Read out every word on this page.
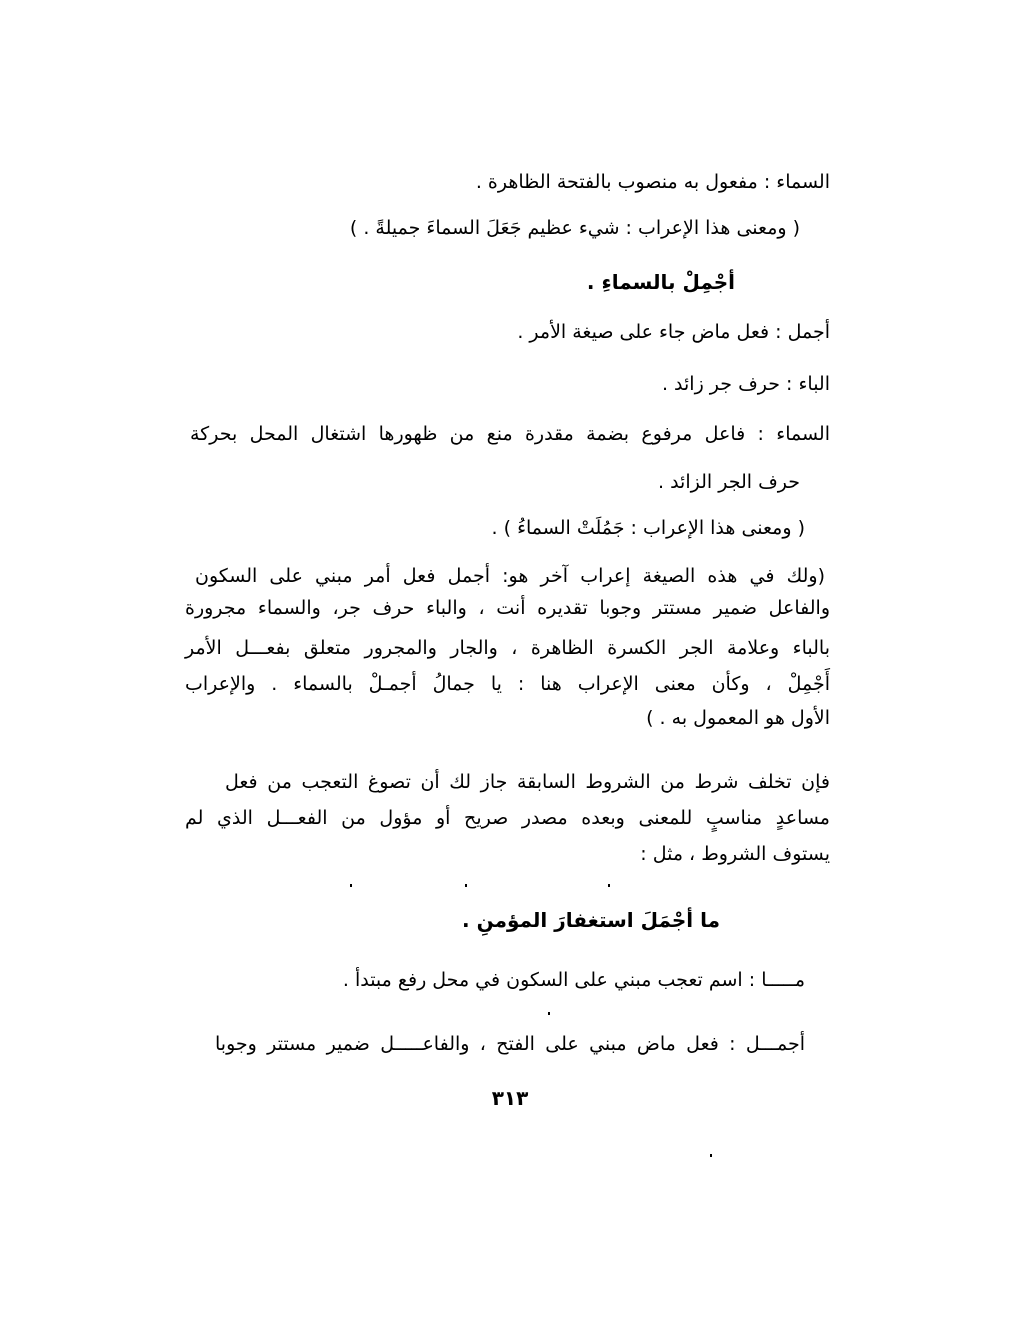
السماء : مفعول به منصوب بالفتحة الظاهرة .
( ومعنى هذا الإعراب : شيء عظيم جَعَلَ السماءَ جميلةً . )
أجْمِلْ بالسماءِ .
أجمل : فعل ماض جاء على صيغة الأمر .
الباء : حرف جر زائد .
السماء : فاعل مرفوع بضمة مقدرة منع من ظهورها اشتغال المحل بحركة
حرف الجر الزائد .
( ومعنى هذا الإعراب : جَمُلَتْ السماءُ ) .
(ولك في هذه الصيغة إعراب آخر هو: أجمل فعل أمر مبني على السكون
والفاعل ضمير مستتر وجوبا تقديره أنت ، والباء حرف جر، والسماء مجرورة
بالباء وعلامة الجر الكسرة الظاهرة ، والجار والمجرور متعلق بفعـــل الأمر
أَجْمِلْ ، وكأن معنى الإعراب هنا : يا جمالُ أجمـلْ بالسماء . والإعراب
الأول هو المعمول به . )
فإن تخلف شرط من الشروط السابقة جاز لك أن تصوغ التعجب من فعل
مساعدٍ مناسبٍ للمعنى وبعده مصدر صريح أو مؤول من الفعـــل الذي لم
يستوف الشروط ، مثل :
ما أجْمَلَ استغفارَ المؤمنِ .
مـــــا : اسم تعجب مبني على السكون في محل رفع مبتدأ .
أجمـــل : فعل ماض مبني على الفتح ، والفاعـــــل ضمير مستتر وجوبا
٣١٣
